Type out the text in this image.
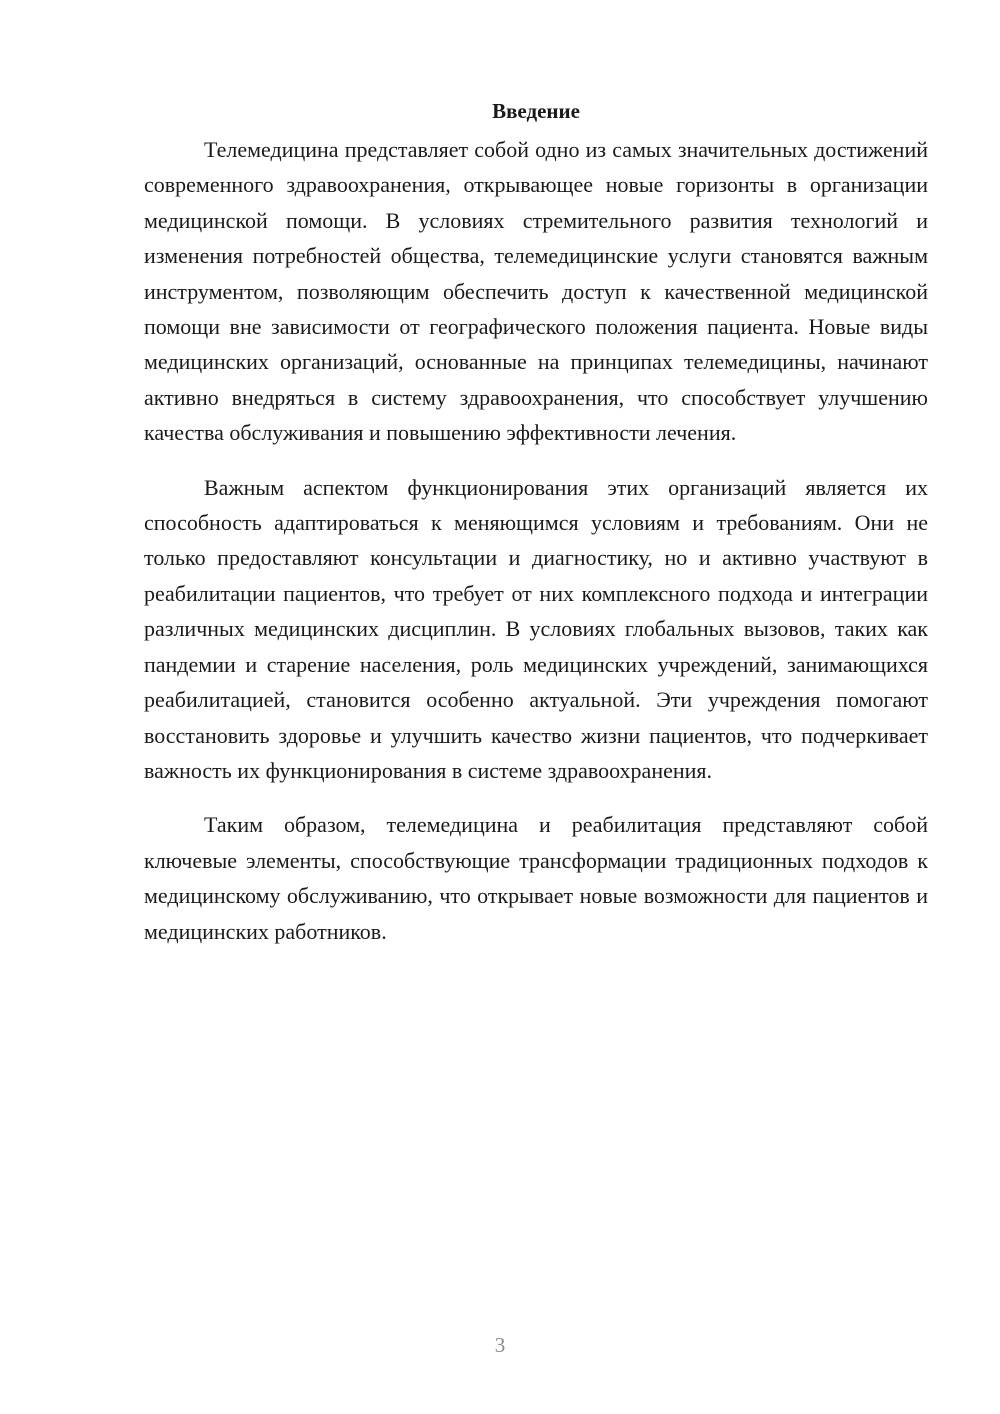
Введение

Телемедицина представляет собой одно из самых значительных достижений современного здравоохранения, открывающее новые горизонты в организации медицинской помощи. В условиях стремительного развития технологий и изменения потребностей общества, телемедицинские услуги становятся важным инструментом, позволяющим обеспечить доступ к качественной медицинской помощи вне зависимости от географического положения пациента. Новые виды медицинских организаций, основанные на принципах телемедицины, начинают активно внедряться в систему здравоохранения, что способствует улучшению качества обслуживания и повышению эффективности лечения.

Важным аспектом функционирования этих организаций является их способность адаптироваться к меняющимся условиям и требованиям. Они не только предоставляют консультации и диагностику, но и активно участвуют в реабилитации пациентов, что требует от них комплексного подхода и интеграции различных медицинских дисциплин. В условиях глобальных вызовов, таких как пандемии и старение населения, роль медицинских учреждений, занимающихся реабилитацией, становится особенно актуальной. Эти учреждения помогают восстановить здоровье и улучшить качество жизни пациентов, что подчеркивает важность их функционирования в системе здравоохранения.

Таким образом, телемедицина и реабилитация представляют собой ключевые элементы, способствующие трансформации традиционных подходов к медицинскому обслуживанию, что открывает новые возможности для пациентов и медицинских работников.

3
